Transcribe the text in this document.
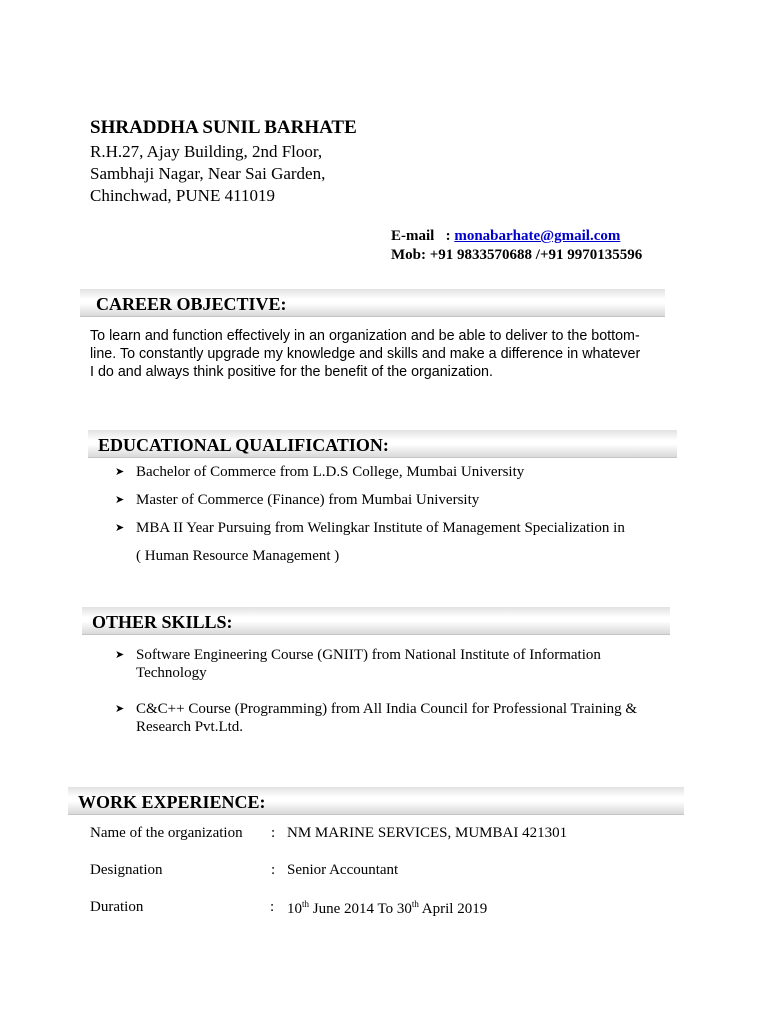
SHRADDHA SUNIL BARHATE
R.H.27, Ajay Building, 2nd Floor,
Sambhaji Nagar, Near Sai Garden,
Chinchwad, PUNE 411019
E-mail   : monabarhate@gmail.com
Mob: +91 9833570688 /+91 9970135596
CAREER OBJECTIVE:
To learn and function effectively in an organization and be able to deliver to the bottom-
line. To constantly upgrade my knowledge and skills and make a difference in whatever
I do and always think positive for the benefit of the organization.
EDUCATIONAL QUALIFICATION:
➤ Bachelor of Commerce from L.D.S College, Mumbai University
➤ Master of Commerce (Finance) from Mumbai University
➤ MBA II Year Pursuing from Welingkar Institute of Management Specialization in
( Human Resource Management )
OTHER SKILLS:
➤ Software Engineering Course (GNIIT) from National Institute of Information Technology
➤ C&C++ Course (Programming) from All India Council for Professional Training & Research Pvt.Ltd.
WORK EXPERIENCE:
Name of the organization : NM MARINE SERVICES, MUMBAI 421301
Designation	: Senior Accountant
Duration	: 10th June 2014 To 30th April 2019
